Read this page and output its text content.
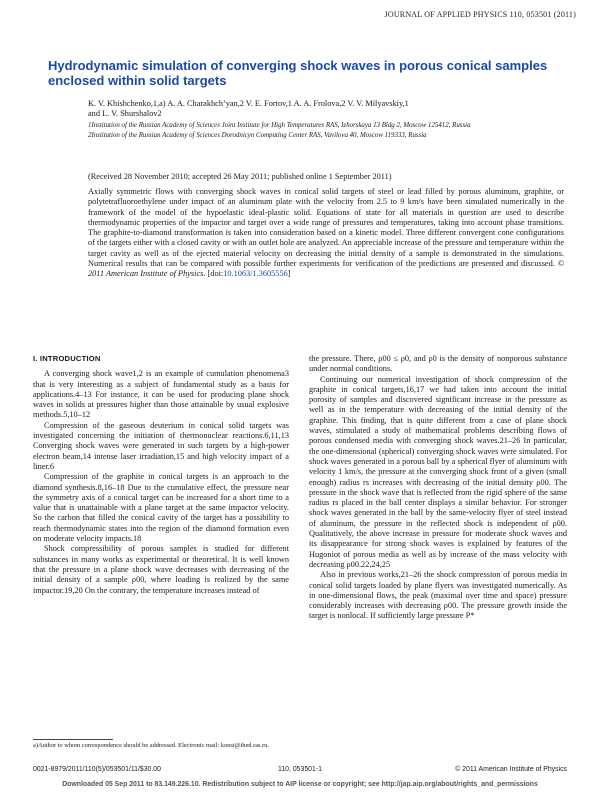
JOURNAL OF APPLIED PHYSICS 110, 053501 (2011)
Hydrodynamic simulation of converging shock waves in porous conical samples enclosed within solid targets
K. V. Khishchenko,1,a) A. A. Charakhch’yan,2 V. E. Fortov,1 A. A. Frolova,2 V. V. Milyavskiy,1
and L. V. Shurshalov2
1Institution of the Russian Academy of Sciences Joint Institute for High Temperatures RAS, Izhorskaya 13 Bldg 2, Moscow 125412, Russia
2Institution of the Russian Academy of Sciences Dorodnicyn Computing Center RAS, Vavilova 40, Moscow 119333, Russia
(Received 28 November 2010; accepted 26 May 2011; published online 1 September 2011)

Axially symmetric flows with converging shock waves in conical solid targets of steel or lead filled by porous aluminum, graphite, or polytetrafluoroethylene under impact of an aluminum plate with the velocity from 2.5 to 9 km/s have been simulated numerically in the framework of the model of the hypoelastic ideal-plastic solid. Equations of state for all materials in question are used to describe thermodynamic properties of the impactor and target over a wide range of pressures and temperatures, taking into account phase transitions. The graphite-to-diamond transformation is taken into consideration based on a kinetic model. Three different convergent cone configurations of the targets either with a closed cavity or with an outlet hole are analyzed. An appreciable increase of the pressure and temperature within the target cavity as well as of the ejected material velocity on decreasing the initial density of a sample is demonstrated in the simulations. Numerical results that can be compared with possible further experiments for verification of the predictions are presented and discussed. © 2011 American Institute of Physics. [doi:10.1063/1.3605556]

I. INTRODUCTION

A converging shock wave1,2 is an example of cumulation phenomena3 that is very interesting as a subject of fundamental study as a basis for applications.4–13 For instance, it can be used for producing plane shock waves in solids at pressures higher than those attainable by usual explosive methods.5,10–12

Compression of the gaseous deuterium in conical solid targets was investigated concerning the initiation of thermonuclear reactions.6,11,13 Converging shock waves were generated in such targets by a high-power electron beam,14 intense laser irradiation,15 and high velocity impact of a liner.6

Compression of the graphite in conical targets is an approach to the diamond synthesis.8,16–18 Due to the cumulative effect, the pressure near the symmetry axis of a conical target can be increased for a short time to a value that is unattainable with a plane target at the same impactor velocity. So the carbon that filled the conical cavity of the target has a possibility to reach thermodynamic states into the region of the diamond formation even on moderate velocity impacts.18

Shock compressibility of porous samples is studied for different substances in many works as experimental or theoretical. It is well known that the pressure in a plane shock wave decreases with decreasing of the initial density of a sample ρ00, where loading is realized by the same impactor.19,20 On the contrary, the temperature increases instead of

the pressure. There, ρ00 ≤ ρ0, and ρ0 is the density of nonporous substance under normal conditions.

Continuing our numerical investigation of shock compression of the graphite in conical targets,16,17 we had taken into account the initial porosity of samples and discovered significant increase in the pressure as well as in the temperature with decreasing of the initial density of the graphite. This finding, that is quite different from a case of plane shock waves, stimulated a study of mathematical problems describing flows of porous condensed media with converging shock waves.21–26 In particular, the one-dimensional (spherical) converging shock waves were simulated. For shock waves generated in a porous ball by a spherical flyer of aluminum with velocity 1 km/s, the pressure at the converging shock front of a given (small enough) radius rs increases with decreasing of the initial density ρ00. The pressure in the shock wave that is reflected from the rigid sphere of the same radius rs placed in the ball center displays a similar behavior. For stronger shock waves generated in the ball by the same-velocity flyer of steel instead of aluminum, the pressure in the reflected shock is independent of ρ00. Qualitatively, the above increase in pressure for moderate shock waves and its disappearance for strong shock waves is explained by features of the Hugoniot of porous media as well as by increase of the mass velocity with decreasing ρ00.22,24,25

Also in previous works,21–26 the shock compression of porous media in conical solid targets loaded by plane flyers was investigated numerically. As in one-dimensional flows, the peak (maximal over time and space) pressure considerably increases with decreasing ρ00. The pressure growth inside the target is nonlocal. If sufficiently large pressure P*

a)Author to whom correspondence should be addressed. Electronic mail: konst@ihed.ras.ru.
0021-8979/2011/110(5)/053501/11/$30.00	110, 053501-1	© 2011 American Institute of Physics
Downloaded 05 Sep 2011 to 83.149.226.10. Redistribution subject to AIP license or copyright; see http://jap.aip.org/about/rights_and_permissions
